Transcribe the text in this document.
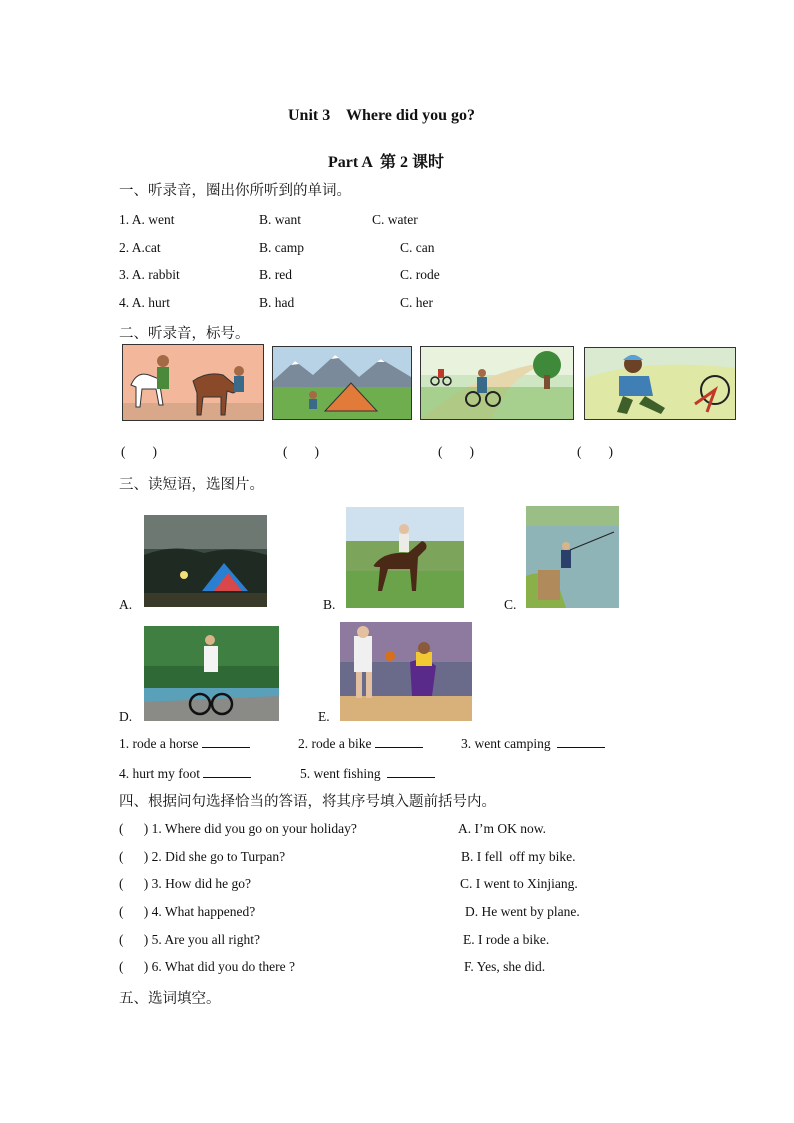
Unit 3    Where did you go?
Part A  第 2 课时
一、听录音，圈出你所听到的单词。
1. A. went	B. want	C. water
2. A.cat	B. camp	C. can
3. A. rabbit	B. red	C. rode
4. A. hurt	B. had	C. her
二、听录音，标号。
(        )	(        )	(        )	(        )
三、读短语，选图片。
A.	B.	C.
D.	E.
1. rode a horse	2. rode a bike	3. went camping
4. hurt my foot	5. went fishing
四、根据问句选择恰当的答语，将其序号填入题前括号内。
(      ) 1. Where did you go on your holiday?
(      ) 2. Did she go to Turpan?
(      ) 3. How did he go?
(      ) 4. What happened?
(      ) 5. Are you all right?
(      ) 6. What did you do there ?
A. I’m OK now.
B. I fell  off my bike.
C. I went to Xinjiang.
D. He went by plane.
E. I rode a bike.
F. Yes, she did.
五、选词填空。
